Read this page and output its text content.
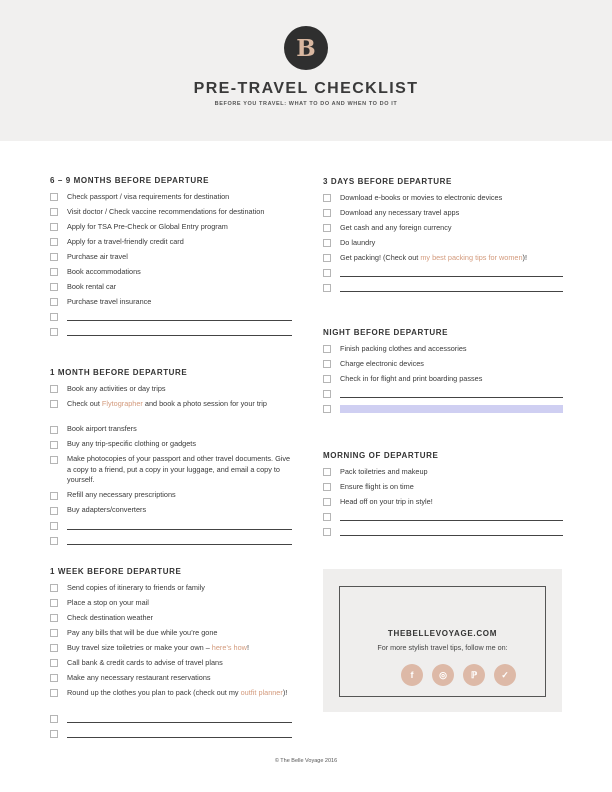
B
PRE-TRAVEL CHECKLIST
BEFORE YOU TRAVEL: WHAT TO DO AND WHEN TO DO IT
6 – 9 MONTHS BEFORE DEPARTURE
Check passport / visa requirements for destination
Visit doctor / Check vaccine recommendations for destination
Apply for TSA Pre-Check or Global Entry program
Apply for a travel-friendly credit card
Purchase air travel
Book accommodations
Book rental car
Purchase travel insurance
1 MONTH BEFORE DEPARTURE
Book any activities or day trips
Check out Flytographer and book a photo session for your trip
Book airport transfers
Buy any trip-specific clothing or gadgets
Make photocopies of your passport and other travel documents. Give a copy to a friend, put a copy in your luggage, and email a copy to yourself.
Refill any necessary prescriptions
Buy adapters/converters
1 WEEK BEFORE DEPARTURE
Send copies of itinerary to friends or family
Place a stop on your mail
Check destination weather
Pay any bills that will be due while you’re gone
Buy travel size toiletries or make your own – here’s how!
Call bank & credit cards to advise of travel plans
Make any necessary restaurant reservations
Round up the clothes you plan to pack (check out my outfit planner)!
3 DAYS BEFORE DEPARTURE
Download e-books or movies to electronic devices
Download any necessary travel apps
Get cash and any foreign currency
Do laundry
Get packing! (Check out my best packing tips for women)!
NIGHT BEFORE DEPARTURE
Finish packing clothes and accessories
Charge electronic devices
Check in for flight and print boarding passes
MORNING OF DEPARTURE
Pack toiletries and makeup
Ensure flight is on time
Head off on your trip in style!
THEBELLEVOYAGE.COM
For more stylish travel tips, follow me on:
f	◎	ℙ	✓
© The Belle Voyage 2016
